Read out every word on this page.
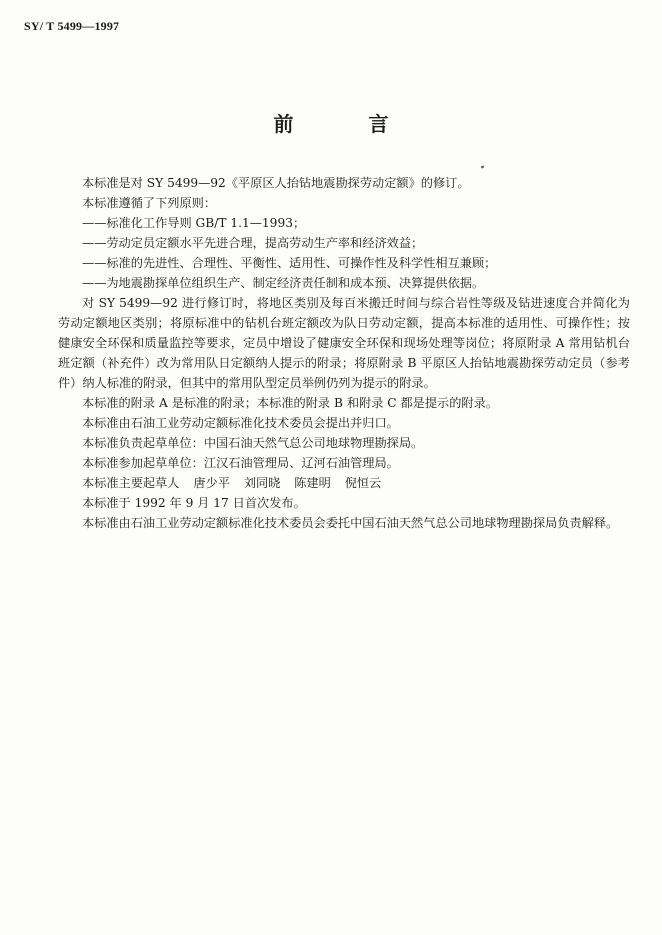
SY/ T 5499—1997
前 言

本标准是对 SY 5499—92《平原区人抬钻地震勘探劳动定额》的修订。

本标准遵循了下列原则：

——标准化工作导则 GB/T 1.1—1993；

——劳动定员定额水平先进合理，提高劳动生产率和经济效益；

——标准的先进性、合理性、平衡性、适用性、可操作性及科学性相互兼顾；

——为地震勘探单位组织生产、制定经济责任制和成本预、决算提供依据。

对 SY 5499—92 进行修订时，将地区类别及每百米搬迁时间与综合岩性等级及钻进速度合并简化为劳动定额地区类别；将原标准中的钻机台班定额改为队日劳动定额，提高本标准的适用性、可操作性；按健康安全环保和质量监控等要求，定员中增设了健康安全环保和现场处理等岗位；将原附录 A 常用钻机台班定额（补充件）改为常用队日定额纳人提示的附录；将原附录 B 平原区人抬钻地震勘探劳动定员（参考件）纳人标准的附录，但其中的常用队型定员举例仍列为提示的附录。

本标准的附录 A 是标准的附录；本标准的附录 B 和附录 C 都是提示的附录。

本标准由石油工业劳动定额标准化技术委员会提出并归口。

本标准负责起草单位：中国石油天然气总公司地球物理勘探局。

本标准参加起草单位：江汉石油管理局、辽河石油管理局。

本标准主要起草人 唐少平 刘同晓 陈建明 倪恒云

本标准于 1992 年 9 月 17 日首次发布。

本标准由石油工业劳动定额标准化技术委员会委托中国石油天然气总公司地球物理勘探局负责解释。
